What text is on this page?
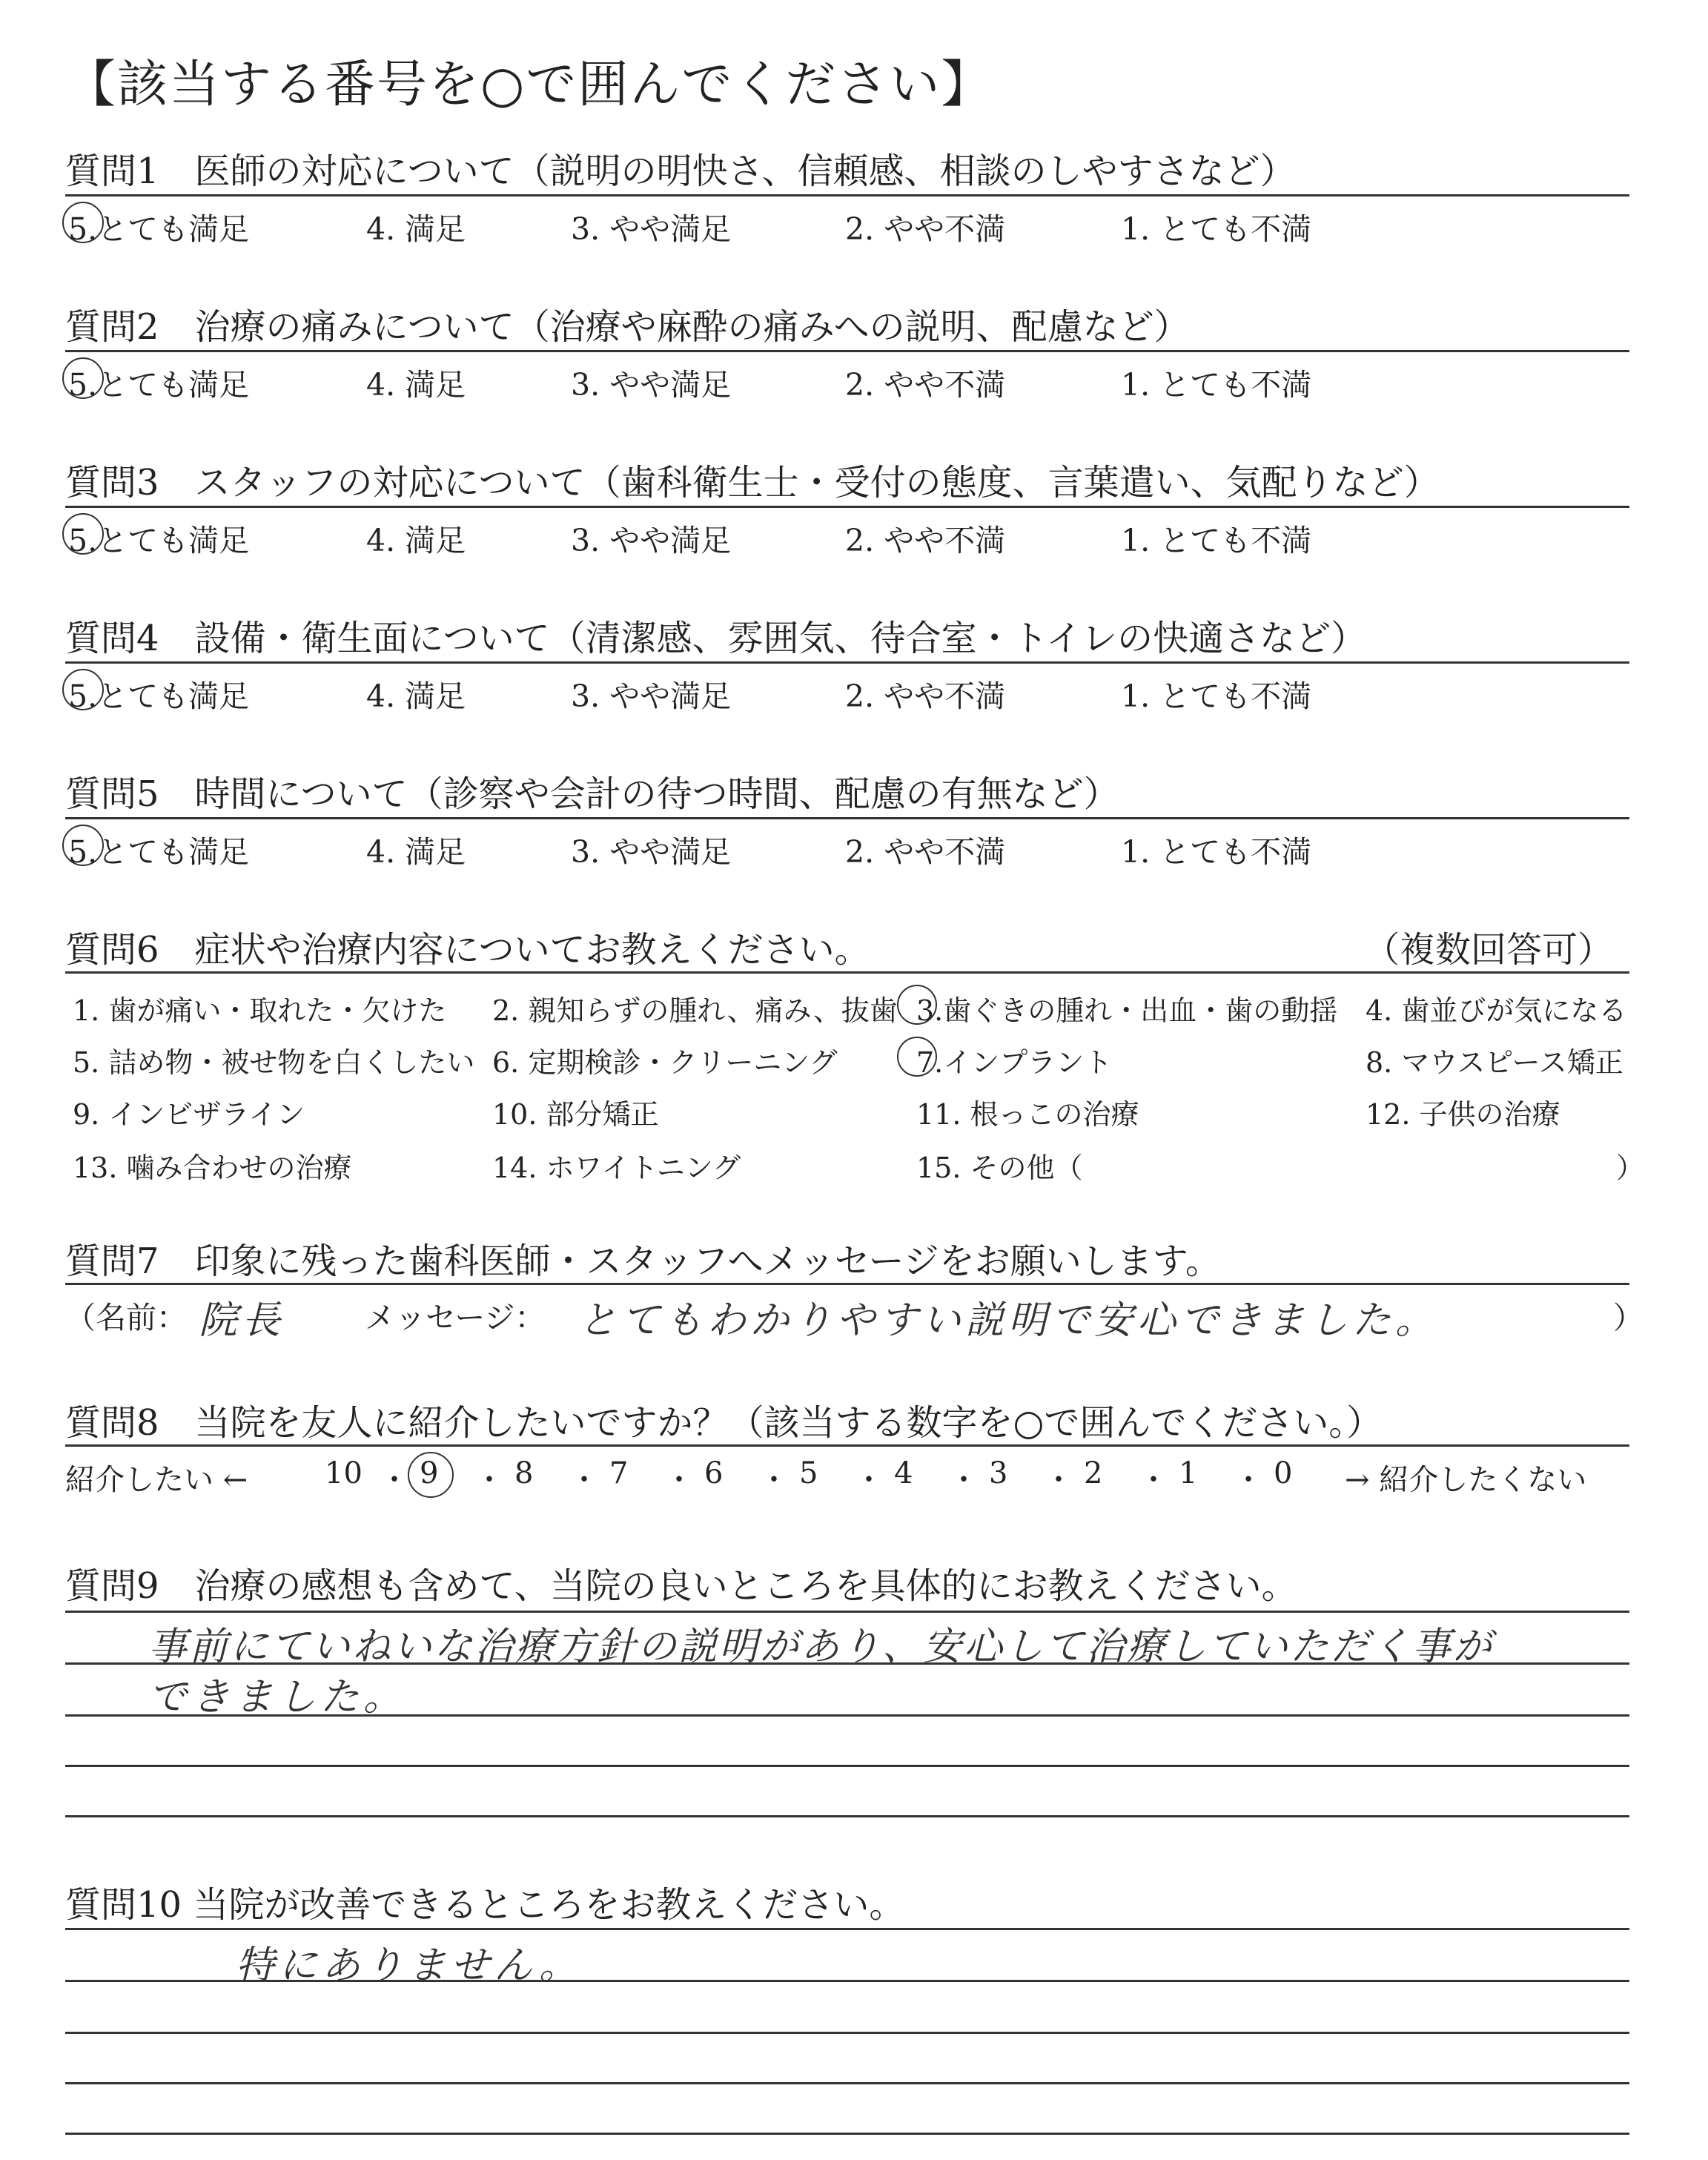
【該当する番号を○で囲んでください】
質問1　医師の対応について（説明の明快さ、信頼感、相談のしやすさなど）
5.とても満足	4. 満足	3. やや満足	2. やや不満	1. とても不満
質問2　治療の痛みについて（治療や麻酔の痛みへの説明、配慮など）
5.とても満足	4. 満足	3. やや満足	2. やや不満	1. とても不満
質問3　スタッフの対応について（歯科衛生士・受付の態度、言葉遣い、気配りなど）
5.とても満足	4. 満足	3. やや満足	2. やや不満	1. とても不満
質問4　設備・衛生面について（清潔感、雰囲気、待合室・トイレの快適さなど）
5.とても満足	4. 満足	3. やや満足	2. やや不満	1. とても不満
質問5　時間について（診察や会計の待つ時間、配慮の有無など）
5.とても満足	4. 満足	3. やや満足	2. やや不満	1. とても不満
質問6　症状や治療内容についてお教えください。	（複数回答可）
1. 歯が痛い・取れた・欠けた 2. 親知らずの腫れ、痛み、抜歯 3.歯ぐきの腫れ・出血・歯の動揺 4. 歯並びが気になる
5. 詰め物・被せ物を白くしたい 6. 定期検診・クリーニング	7.インプラント	8. マウスピース矯正
9. インビザライン	10. 部分矯正	11. 根っこの治療	12. 子供の治療
13. 噛み合わせの治療	14. ホワイトニング	15. その他（	）
質問7　印象に残った歯科医師・スタッフへメッセージをお願いします。
（名前： 院長	メッセージ： とてもわかりやすい説明で安心できました。	）
質問8　当院を友人に紹介したいですか？（該当する数字を○で囲んでください。）
紹介したい ←	10 ・ 9 ・ 8 ・ 7 ・ 6 ・ 5 ・ 4 ・ 3 ・ 2 ・ 1 ・ 0 → 紹介したくない
質問9　治療の感想も含めて、当院の良いところを具体的にお教えください。
事前にていねいな治療方針の説明があり、安心して治療していただく事が
できました。
質問10 当院が改善できるところをお教えください。
特にありません。
